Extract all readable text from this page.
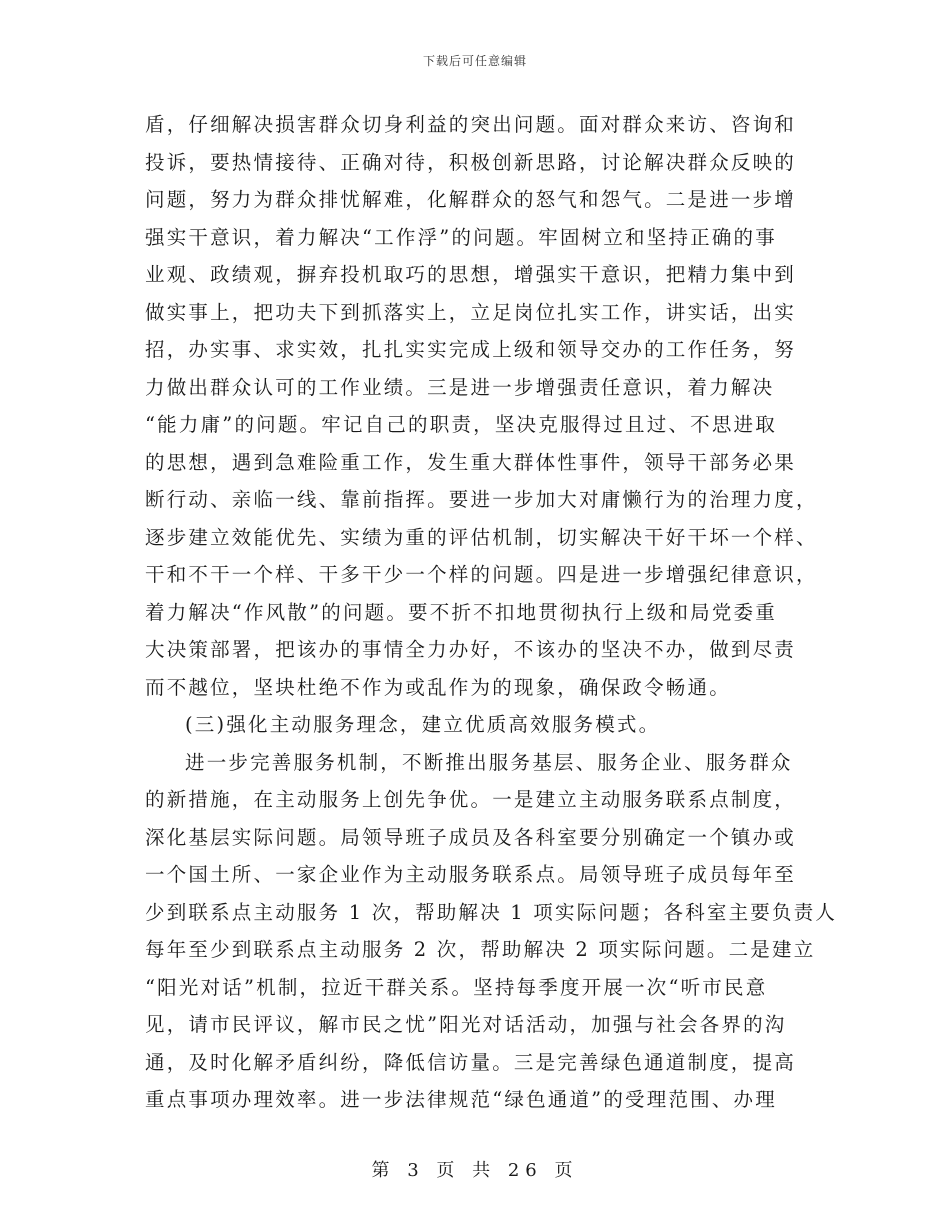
下载后可任意编辑
盾，仔细解决损害群众切身利益的突出问题。面对群众来访、咨询和
投诉，要热情接待、正确对待，积极创新思路，讨论解决群众反映的
问题，努力为群众排忧解难，化解群众的怒气和怨气。二是进一步增
强实干意识，着力解决“工作浮”的问题。牢固树立和坚持正确的事
业观、政绩观，摒弃投机取巧的思想，增强实干意识，把精力集中到
做实事上，把功夫下到抓落实上，立足岗位扎实工作，讲实话，出实
招，办实事、求实效，扎扎实实完成上级和领导交办的工作任务，努
力做出群众认可的工作业绩。三是进一步增强责任意识，着力解决
“能力庸”的问题。牢记自己的职责，坚决克服得过且过、不思进取
的思想，遇到急难险重工作，发生重大群体性事件，领导干部务必果
断行动、亲临一线、靠前指挥。要进一步加大对庸懒行为的治理力度，
逐步建立效能优先、实绩为重的评估机制，切实解决干好干坏一个样、
干和不干一个样、干多干少一个样的问题。四是进一步增强纪律意识，
着力解决“作风散”的问题。要不折不扣地贯彻执行上级和局党委重
大决策部署，把该办的事情全力办好，不该办的坚决不办，做到尽责
而不越位，坚块杜绝不作为或乱作为的现象，确保政令畅通。
(三)强化主动服务理念，建立优质高效服务模式。
进一步完善服务机制，不断推出服务基层、服务企业、服务群众
的新措施，在主动服务上创先争优。一是建立主动服务联系点制度，
深化基层实际问题。局领导班子成员及各科室要分别确定一个镇办或
一个国土所、一家企业作为主动服务联系点。局领导班子成员每年至
少到联系点主动服务 1 次，帮助解决 1 项实际问题；各科室主要负责人
每年至少到联系点主动服务 2 次，帮助解决 2 项实际问题。二是建立
“阳光对话”机制，拉近干群关系。坚持每季度开展一次“听市民意
见，请市民评议，解市民之忧”阳光对话活动，加强与社会各界的沟
通，及时化解矛盾纠纷，降低信访量。三是完善绿色通道制度，提高
重点事项办理效率。进一步法律规范“绿色通道”的受理范围、办理
第 3 页 共 26 页
